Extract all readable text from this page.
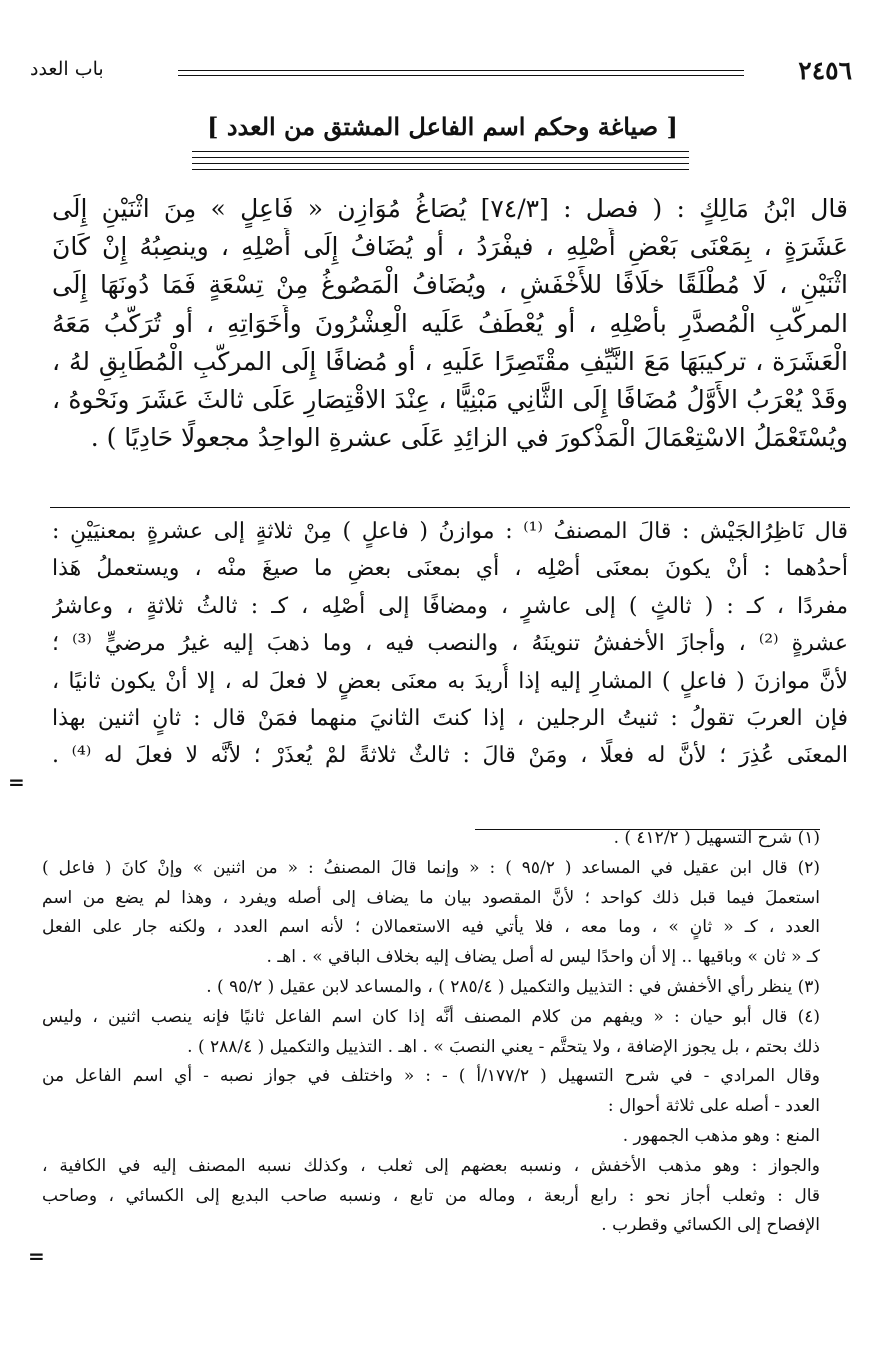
٢٤٥٦
باب العدد
[ صياغة وحكم اسم الفاعل المشتق من العدد ]
قال ابْنُ مَالِكٍ : ( فصل : [٧٤/٣] يُصَاغُ مُوَازِن « فَاعِلٍ » مِنَ اثْنَيْنِ إِلَى
عَشَرَةٍ ، بِمَعْنَى بَعْضِ أَصْلِهِ ، فيفْرَدُ ، أو يُضَافُ إِلَى أَصْلِهِ ، وينصِبُهُ إِنْ كَانَ
اثْنَيْنِ ، لَا مُطْلَقًا خلَافًا للأَخْفَشِ ، ويُضَافُ الْمَصُوغُ مِنْ تِسْعَةٍ فَمَا دُونَهَا إِلَى
المركَّبِ الْمُصدَّرِ بأَصْلِهِ ، أو يُعْطَفُ عَلَيه الْعِشْرُونَ وأَخَوَاتِهِ ، أو تُرَكَّبُ مَعَهُ
الْعَشَرَة ، تركيبَهَا مَعَ النَّيِّفِ مقْتَصِرًا عَلَيهِ ، أو مُضافًا إِلَى المركَّبِ الْمُطَابِقِ لهُ ،
وقَدْ يُعْرَبُ الأَوَّلُ مُضَافًا إِلَى الثَّانِي مَبْنِيًّا ، عِنْدَ الاقْتِصَارِ عَلَى ثالثَ عَشَرَ ونَحْوهُ ،
ويُسْتَعْمَلُ الاسْتِعْمَالَ الْمَذْكورَ في الزائِدِ عَلَى عشرةِ الواحِدُ مجعولًا حَادِيًا ) .
قال نَاظِرُالجَيْش : قالَ المصنفُ ⁽¹⁾ : موازنُ ( فاعلٍ ) مِنْ ثلاثةٍ إلى عشرةٍ بمعنيَيْنِ :
أحدُهما : أنْ يكونَ بمعنَى أصْلِه ، أي بمعنَى بعضِ ما صيغَ منْه ، ويستعملُ هَذا
مفردًا ، كـ : ( ثالثٍ ) إلى عاشرٍ ، ومضافًا إلى أصْلِه ، كـ : ثالثُ ثلاثةٍ ، وعاشرُ
عشرةٍ ⁽²⁾ ، وأجازَ الأخفشُ تنوينَهُ ، والنصب فيه ، وما ذهبَ إليه غيرُ مرضيٍّ ⁽³⁾ ؛
لأنَّ موازنَ ( فاعلٍ ) المشارِ إليه إذا أُريدَ به معنَى بعضٍ لا فعلَ له ، إلا أنْ يكون ثانيًا ،
فإن العربَ تقولُ : ثنيتُ الرجلين ، إذا كنتَ الثانيَ منهما فمَنْ قال : ثانٍ اثنين بهذا
المعنَى عُذِرَ ؛ لأنَّ له فعلًا ، ومَنْ قالَ : ثالثٌ ثلاثةً لمْ يُعذَرْ ؛ لأنَّه لا فعلَ له ⁽⁴⁾ .
=
(١) شرح التسهيل ( ٤١٢/٢ ) .
(٢) قال ابن عقيل في المساعد ( ٩٥/٢ ) : « وإنما قالَ المصنفُ : « من اثنين » وإنْ كانَ ( فاعل )
استعملَ فيما قبل ذلك كواحد ؛ لأنَّ المقصود بيان ما يضاف إلى أصله ويفرد ، وهذا لم يضع من اسم
العدد ، كـ « ثانٍ » ، وما معه ، فلا يأتي فيه الاستعمالان ؛ لأنه اسم العدد ، ولكنه جار على الفعل
كـ « ثان » وباقيها .. إلا أن واحدًا ليس له أصل يضاف إليه بخلاف الباقي » . اهـ .
(٣) ينظر رأي الأخفش في : التذييل والتكميل ( ٢٨٥/٤ ) ، والمساعد لابن عقيل ( ٩٥/٢ ) .
(٤) قال أبو حيان : « ويفهم من كلام المصنف أنَّه إذا كان اسم الفاعل ثانيًا فإنه ينصب اثنين ، وليس
ذلك بحتم ، بل يجوز الإضافة ، ولا يتحتَّم - يعني النصبَ » . اهـ . التذييل والتكميل ( ٢٨٨/٤ ) .
وقال المرادي - في شرح التسهيل ( ١٧٧/٢/أ ) - : « واختلف في جواز نصبه - أي اسم الفاعل من
العدد - أصله على ثلاثة أحوال :
المنع : وهو مذهب الجمهور .
والجواز : وهو مذهب الأخفش ، ونسبه بعضهم إلى ثعلب ، وكذلك نسبه المصنف إليه في الكافية ،
قال : وثعلب أجاز نحو : رابع أربعة ، وماله من تابع ، ونسبه صاحب البديع إلى الكسائي ، وصاحب
الإفصاح إلى الكسائي وقطرب .
=
